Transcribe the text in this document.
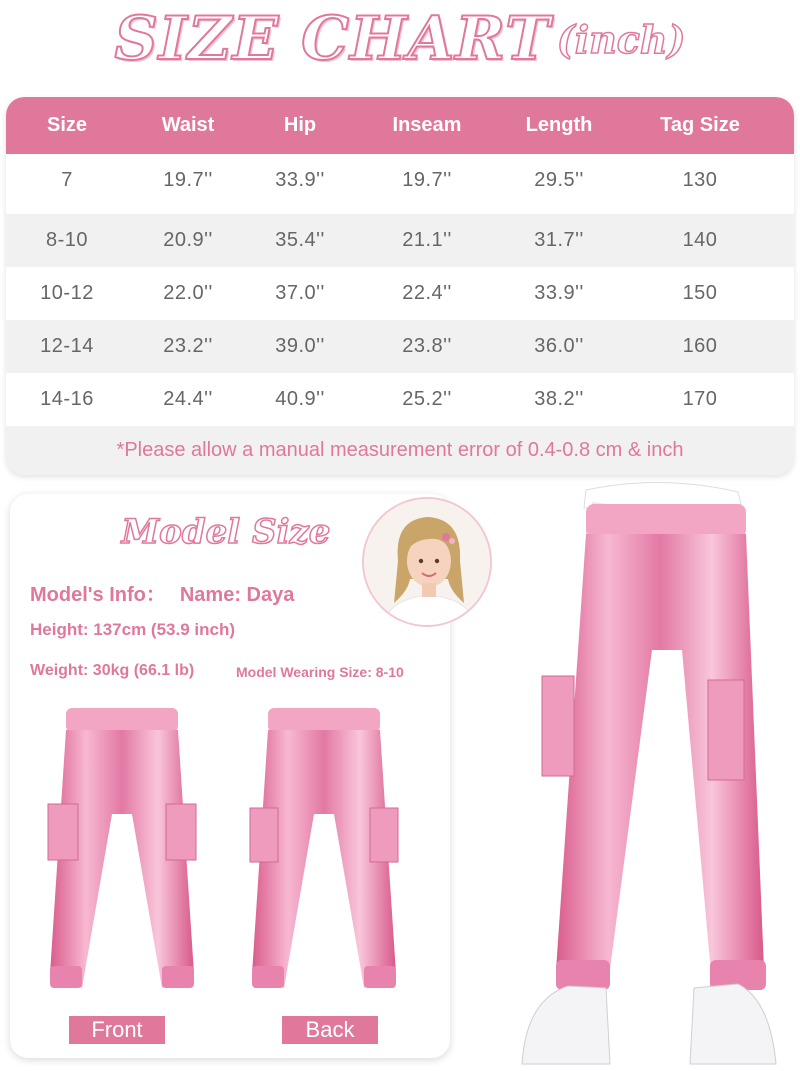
SIZE CHART (inch)
Size	Waist	Hip	Inseam	Length	Tag Size
7	19.7''	33.9''	19.7''	29.5''	130
8-10	20.9''	35.4''	21.1''	31.7''	140
10-12	22.0''	37.0''	22.4''	33.9''	150
12-14	23.2''	39.0''	23.8''	36.0''	160
14-16	24.4''	40.9''	25.2''	38.2''	170
*Please allow a manual measurement error of 0.4-0.8 cm & inch
Model Size
Model's Info： Name: Daya
Height: 137cm (53.9 inch)
Weight: 30kg (66.1 lb)	Model Wearing Size: 8-10
Front	Back
